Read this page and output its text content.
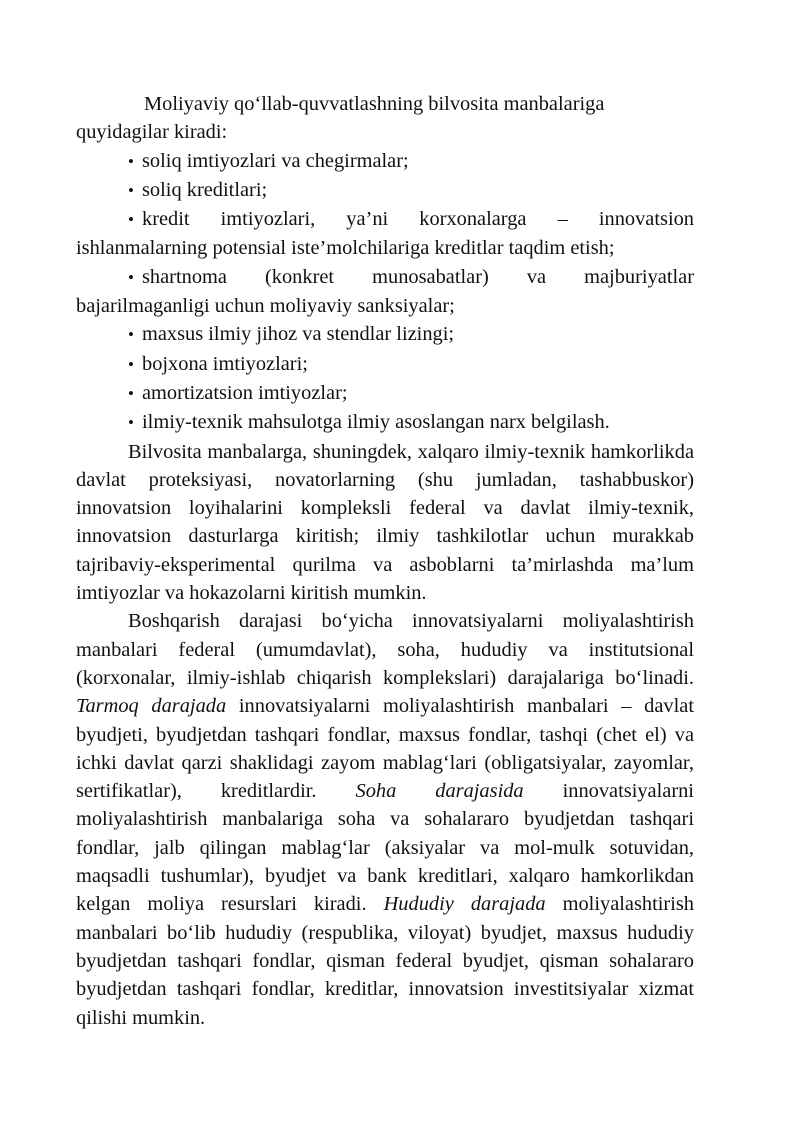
Moliyaviy qo‘llab-quvvatlashning bilvosita manbalariga quyidagilar kiradi:

• soliq imtiyozlari va chegirmalar;

• soliq kreditlari;

• kredit imtiyozlari, ya’ni korxonalarga – innovatsion ishlanmalarning potensial iste’molchilariga kreditlar taqdim etish;

• shartnoma (konkret munosabatlar) va majburiyatlar bajarilmaganligi uchun moliyaviy sanksiyalar;

• maxsus ilmiy jihoz va stendlar lizingi;

• bojxona imtiyozlari;

• amortizatsion imtiyozlar;

• ilmiy-texnik mahsulotga ilmiy asoslangan narx belgilash.

Bilvosita manbalarga, shuningdek, xalqaro ilmiy-texnik hamkorlikda davlat proteksiyasi, novatorlarning (shu jumladan, tashabbuskor) innovatsion loyihalarini kompleksli federal va davlat ilmiy-texnik, innovatsion dasturlarga kiritish; ilmiy tashkilotlar uchun murakkab tajribaviy-eksperimental qurilma va asboblarni ta’mirlashda ma’lum imtiyozlar va hokazolarni kiritish mumkin.

Boshqarish darajasi bo‘yicha innovatsiyalarni moliyalashtirish manbalari federal (umumdavlat), soha, hududiy va institutsional (korxonalar, ilmiy-ishlab chiqarish komplekslari) darajalariga bo‘linadi. Tarmoq darajada innovatsiyalarni moliyalashtirish manbalari – davlat byudjeti, byudjetdan tashqari fondlar, maxsus fondlar, tashqi (chet el) va ichki davlat qarzi shaklidagi zayom mablag‘lari (obligatsiyalar, zayomlar, sertifikatlar), kreditlardir. Soha darajasida innovatsiyalarni moliyalashtirish manbalariga soha va sohalararo byudjetdan tashqari fondlar, jalb qilingan mablag‘lar (aksiyalar va mol-mulk sotuvidan, maqsadli tushumlar), byudjet va bank kreditlari, xalqaro hamkorlikdan kelgan moliya resurslari kiradi. Hududiy darajada moliyalashtirish manbalari bo‘lib hududiy (respublika, viloyat) byudjet, maxsus hududiy byudjetdan tashqari fondlar, qisman federal byudjet, qisman sohalararo byudjetdan tashqari fondlar, kreditlar, innovatsion investitsiyalar xizmat qilishi mumkin.
